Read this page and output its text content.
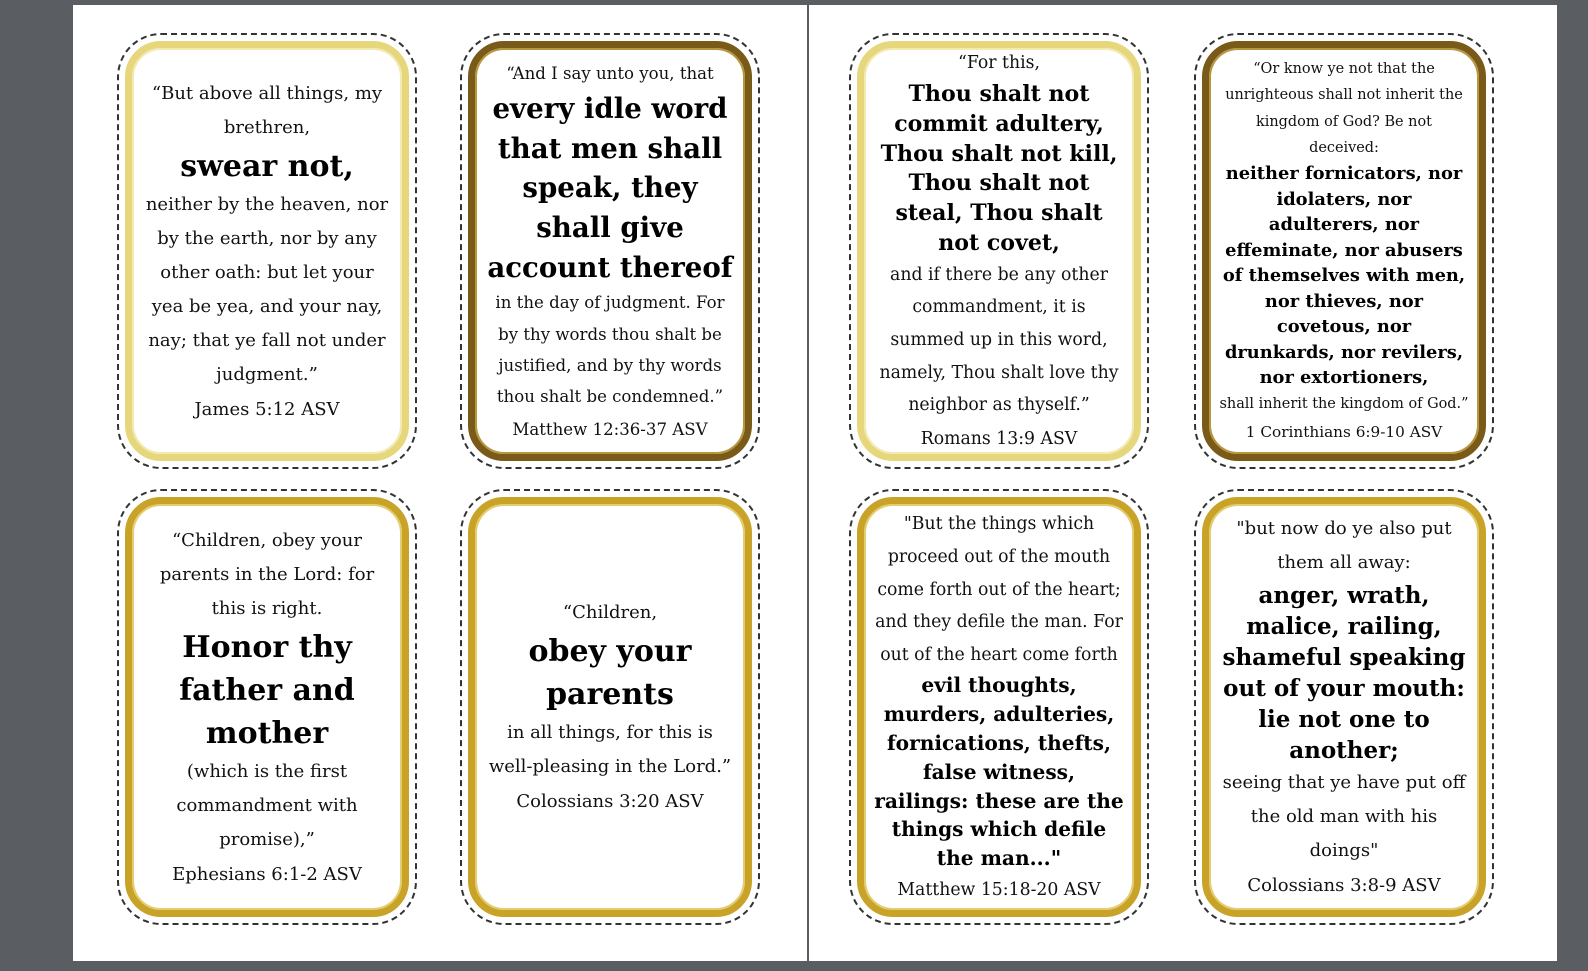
“But above all things, my brethren,
swear not,
neither by the heaven, nor by the earth, nor by any other oath: but let your yea be yea, and your nay, nay; that ye fall not under judgment.”
James 5:12 ASV
“And I say unto you, that
every idle word that men shall speak, they shall give account thereof
in the day of judgment. For by thy words thou shalt be justified, and by thy words thou shalt be condemned.”
Matthew 12:36-37 ASV
“For this,
Thou shalt not commit adultery, Thou shalt not kill, Thou shalt not steal, Thou shalt not covet,
and if there be any other commandment, it is summed up in this word, namely, Thou shalt love thy neighbor as thyself.”
Romans 13:9 ASV
“Or know ye not that the unrighteous shall not inherit the kingdom of God? Be not deceived:
neither fornicators, nor idolaters, nor adulterers, nor effeminate, nor abusers of themselves with men, nor thieves, nor covetous, nor drunkards, nor revilers, nor extortioners,
shall inherit the kingdom of God.”
1 Corinthians 6:9-10 ASV
“Children, obey your parents in the Lord: for this is right.
Honor thy father and mother
(which is the first commandment with promise),”
Ephesians 6:1-2 ASV
“Children,
obey your parents
in all things, for this is well-pleasing in the Lord.”
Colossians 3:20 ASV
"But the things which proceed out of the mouth come forth out of the heart; and they defile the man. For out of the heart come forth
evil thoughts, murders, adulteries, fornications, thefts, false witness, railings: these are the things which defile the man..."
Matthew 15:18-20 ASV
"but now do ye also put them all away:
anger, wrath, malice, railing, shameful speaking out of your mouth: lie not one to another;
seeing that ye have put off the old man with his doings"
Colossians 3:8-9 ASV
